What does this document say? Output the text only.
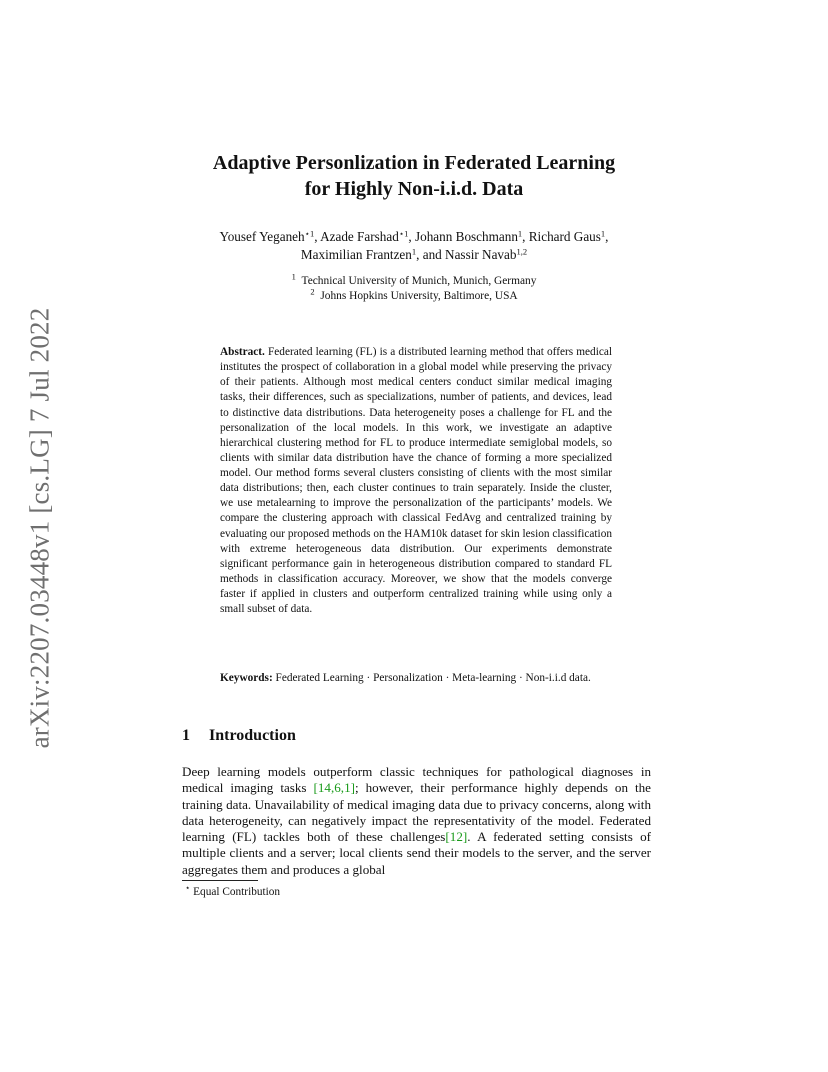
arXiv:2207.03448v1 [cs.LG] 7 Jul 2022
Adaptive Personlization in Federated Learning
for Highly Non-i.i.d. Data
Yousef Yeganeh$^{⋆1}$, Azade Farshad$^{⋆1}$, Johann Boschmann$^1$, Richard Gaus$^1$,
Maximilian Frantzen$^1$, and Nassir Navab$^{1,2}$
$^1$ Technical University of Munich, Munich, Germany
$^2$ Johns Hopkins University, Baltimore, USA
Abstract. Federated learning (FL) is a distributed learning method that offers medical institutes the prospect of collaboration in a global model while preserving the privacy of their patients. Although most medical centers conduct similar medical imaging tasks, their differences, such as specializations, number of patients, and devices, lead to distinctive data distributions. Data heterogeneity poses a challenge for FL and the personalization of the local models. In this work, we investigate an adaptive hierarchical clustering method for FL to produce intermediate semiglobal models, so clients with similar data distribution have the chance of forming a more specialized model. Our method forms several clusters consisting of clients with the most similar data distributions; then, each cluster continues to train separately. Inside the cluster, we use metalearning to improve the personalization of the participants’ models. We compare the clustering approach with classical FedAvg and centralized training by evaluating our proposed methods on the HAM10k dataset for skin lesion classification with extreme heterogeneous data distribution. Our experiments demonstrate significant performance gain in heterogeneous distribution compared to standard FL methods in classification accuracy. Moreover, we show that the models converge faster if applied in clusters and outperform centralized training while using only a small subset of data.
Keywords: Federated Learning · Personalization · Meta-learning · Non-i.i.d data.
1 Introduction
Deep learning models outperform classic techniques for pathological diagnoses in medical imaging tasks [14,6,1]; however, their performance highly depends on the training data. Unavailability of medical imaging data due to privacy concerns, along with data heterogeneity, can negatively impact the representativity of the model. Federated learning (FL) tackles both of these challenges[12]. A federated setting consists of multiple clients and a server; local clients send their models to the server, and the server aggregates them and produces a global
⋆ Equal Contribution
